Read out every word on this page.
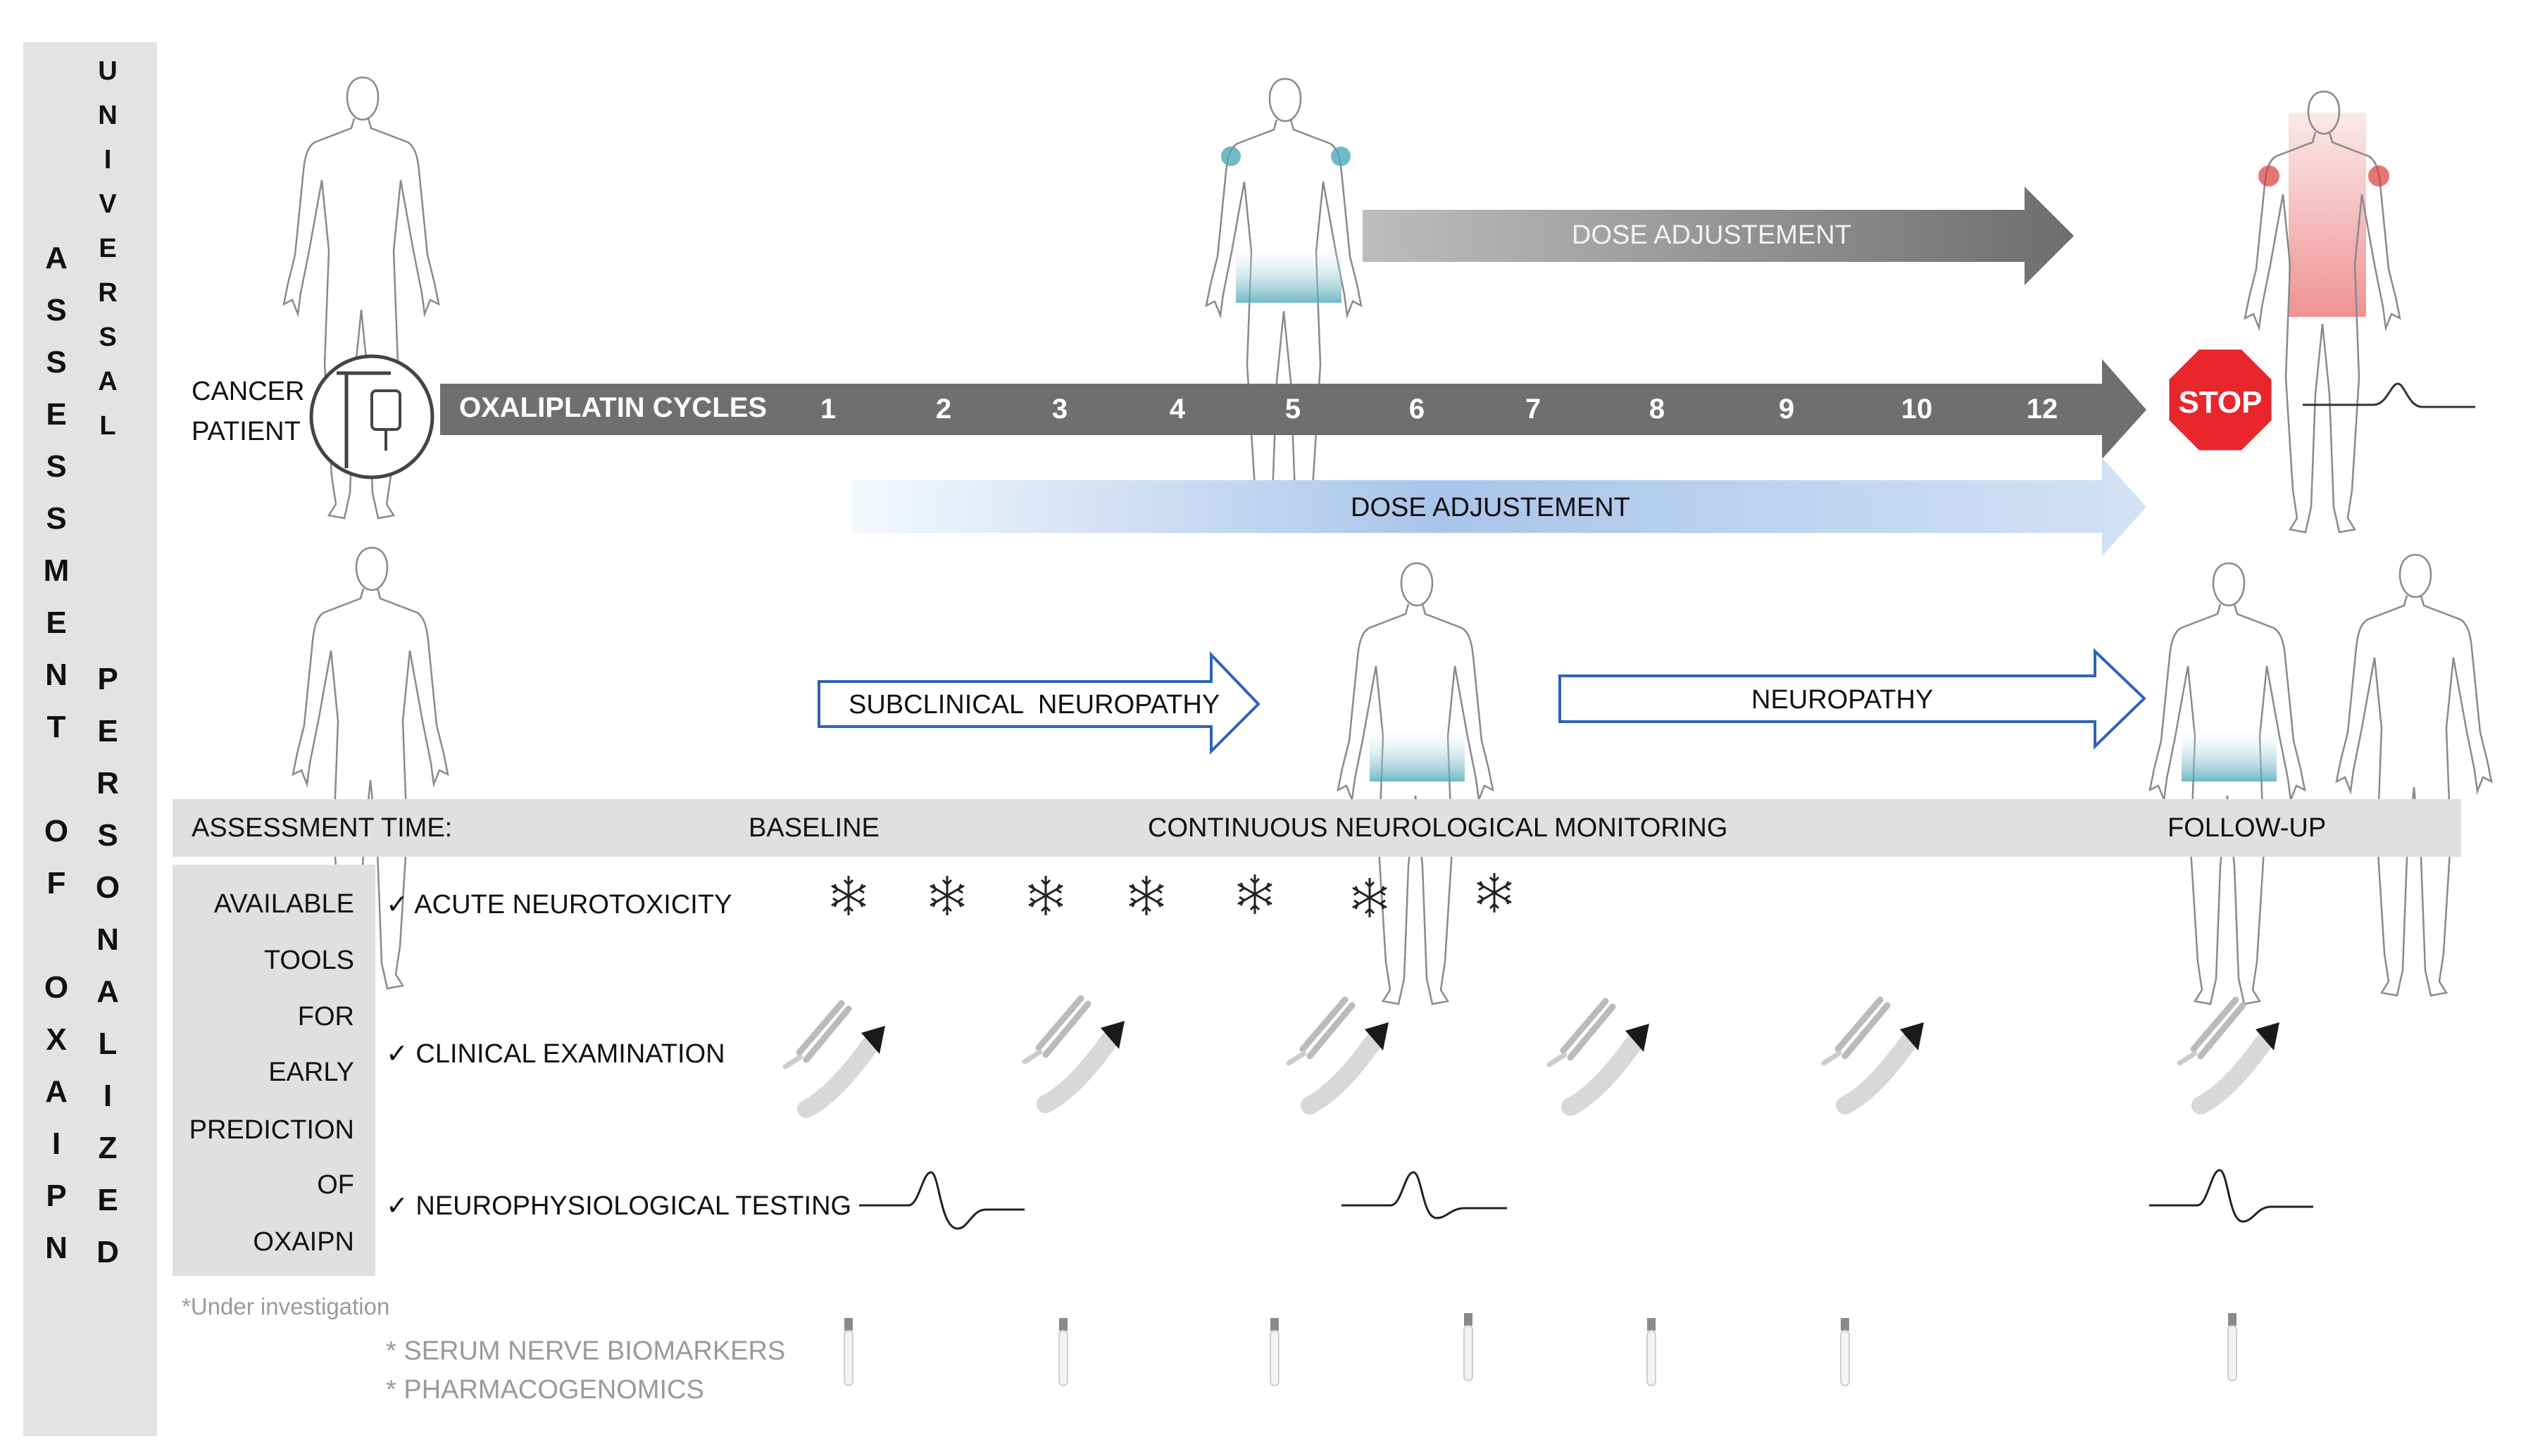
A
S
S
E
S
S
M
E
N
T

O
F

O
X
A
I
P
N
U
N
I
V
E
R
S
A
L
P
E
R
S
O
N
A
L
I
Z
E
D
CANCER
PATIENT
OXALIPLATIN CYCLES	1	2	3	4	5	6	7	8	9	10	12	STOP
DOSE ADJUSTEMENT
DOSE ADJUSTEMENT
SUBCLINICAL  NEUROPATHY	NEUROPATHY
ASSESSMENT TIME:	BASELINE	CONTINUOUS NEUROLOGICAL MONITORING	FOLLOW-UP
AVAILABLE
TOOLS
FOR
EARLY
PREDICTION
OF
OXAIPN
✓ ACUTE NEUROTOXICITY
✓ CLINICAL EXAMINATION
✓ NEUROPHYSIOLOGICAL TESTING
*Under investigation
* SERUM NERVE BIOMARKERS
* PHARMACOGENOMICS
